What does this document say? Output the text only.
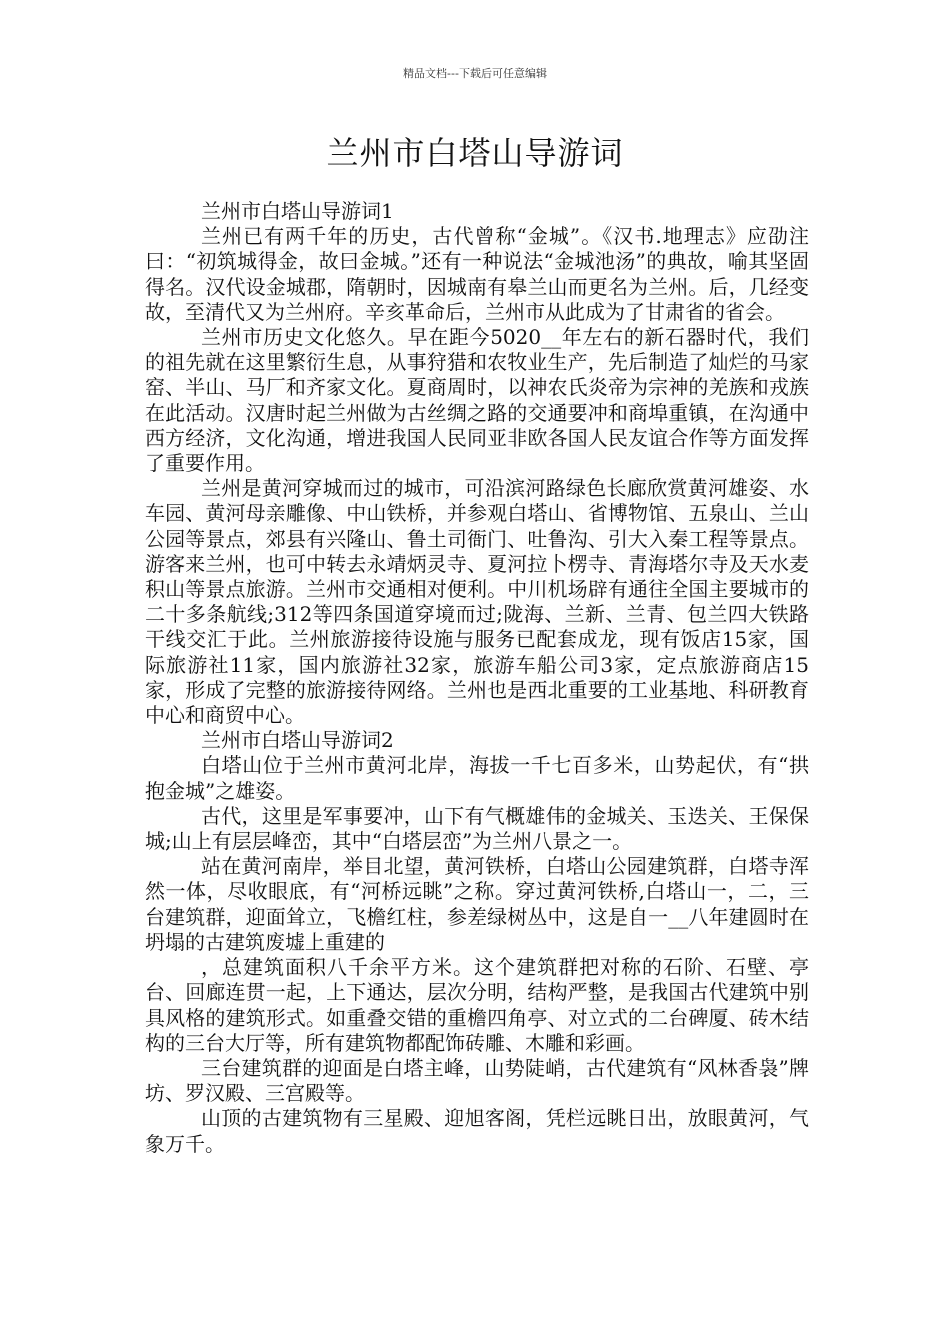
精品文档---下载后可任意编辑
兰州市白塔山导游词

兰州市白塔山导游词1

兰州已有两千年的历史，古代曾称“金城”。《汉书.地理志》应劭注曰：“初筑城得金，故曰金城。”还有一种说法“金城池汤”的典故，喻其坚固得名。汉代设金城郡，隋朝时，因城南有皋兰山而更名为兰州。后，几经变故，至清代又为兰州府。辛亥革命后，兰州市从此成为了甘肃省的省会。

兰州市历史文化悠久。早在距今5020__年左右的新石器时代，我们的祖先就在这里繁衍生息，从事狩猎和农牧业生产，先后制造了灿烂的马家窑、半山、马厂和齐家文化。夏商周时，以神农氏炎帝为宗神的羌族和戎族在此活动。汉唐时起兰州做为古丝绸之路的交通要冲和商埠重镇，在沟通中西方经济，文化沟通，增进我国人民同亚非欧各国人民友谊合作等方面发挥了重要作用。

兰州是黄河穿城而过的城市，可沿滨河路绿色长廊欣赏黄河雄姿、水车园、黄河母亲雕像、中山铁桥，并参观白塔山、省博物馆、五泉山、兰山公园等景点，郊县有兴隆山、鲁土司衙门、吐鲁沟、引大入秦工程等景点。游客来兰州，也可中转去永靖炳灵寺、夏河拉卜楞寺、青海塔尔寺及天水麦积山等景点旅游。兰州市交通相对便利。中川机场辟有通往全国主要城市的二十多条航线;312等四条国道穿境而过;陇海、兰新、兰青、包兰四大铁路干线交汇于此。兰州旅游接待设施与服务已配套成龙，现有饭店15家，国际旅游社11家，国内旅游社32家，旅游车船公司3家，定点旅游商店15家，形成了完整的旅游接待网络。兰州也是西北重要的工业基地、科研教育中心和商贸中心。

兰州市白塔山导游词2

白塔山位于兰州市黄河北岸，海拔一千七百多米，山势起伏，有“拱抱金城”之雄姿。

古代，这里是军事要冲，山下有气概雄伟的金城关、玉迭关、王保保城;山上有层层峰峦，其中“白塔层峦”为兰州八景之一。

站在黄河南岸，举目北望，黄河铁桥，白塔山公园建筑群，白塔寺浑然一体，尽收眼底，有“河桥远眺”之称。穿过黄河铁桥,白塔山一，二，三台建筑群，迎面耸立，飞檐红柱，参差绿树丛中，这是自一__八年建圆时在坍塌的古建筑废墟上重建的

，总建筑面积八千余平方米。这个建筑群把对称的石阶、石壁、亭台、回廊连贯一起，上下通达，层次分明，结构严整，是我国古代建筑中别具风格的建筑形式。如重叠交错的重檐四角亭、对立式的二台碑厦、砖木结构的三台大厅等，所有建筑物都配饰砖雕、木雕和彩画。

三台建筑群的迎面是白塔主峰，山势陡峭，古代建筑有“风林香袅”牌坊、罗汉殿、三宫殿等。

山顶的古建筑物有三星殿、迎旭客阁，凭栏远眺日出，放眼黄河，气象万千。
